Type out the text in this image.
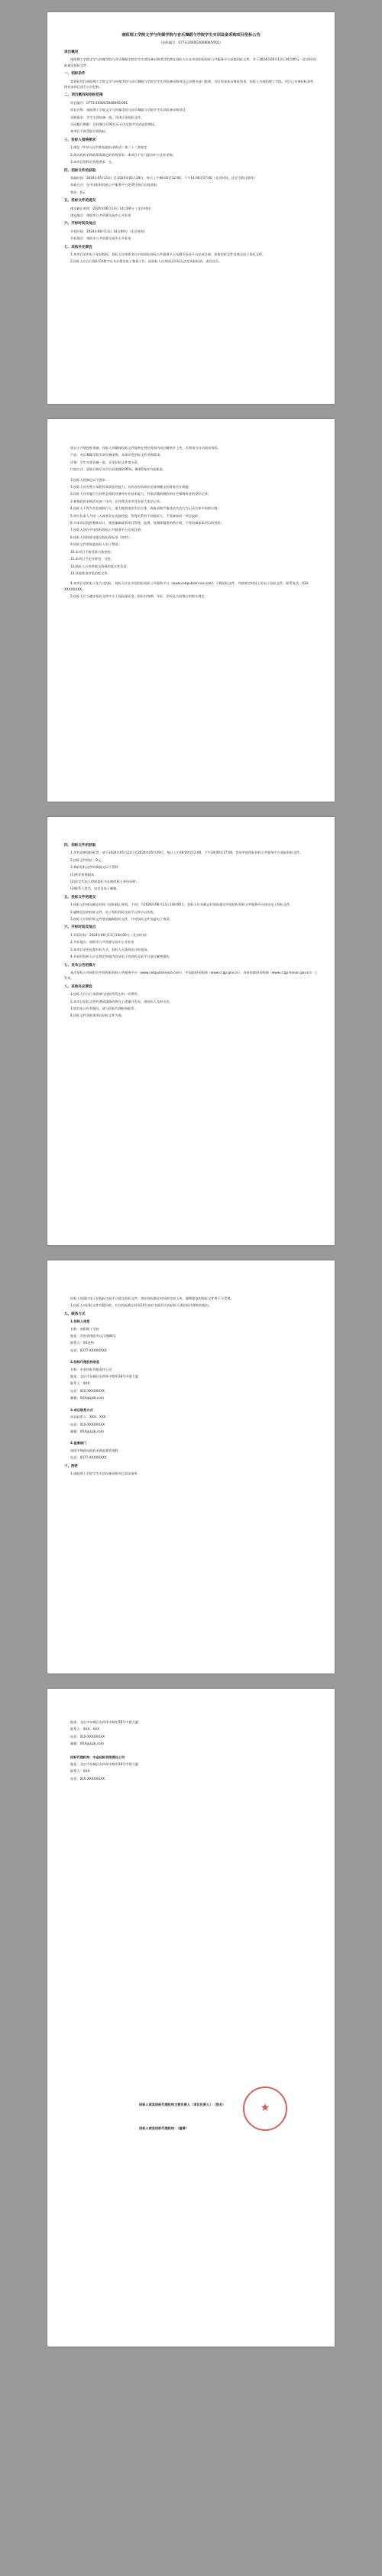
南阳理工学院文学与传媒学院与音乐舞蹈与学院学生实训设备采购项目招标公告

（招标编号：0773-2440G3008065/001）

项目概况

南阳理工学院文学与传媒学院与音乐舞蹈学院学生实训设备采购项目的潜在投标人应在中国招标投标公共服务平台获取招标文件，并于2024年06月13日14点00分（北京时间）前递交投标文件。

一、招标条件

本招标项目南阳理工学院文学与传媒学院与音乐舞蹈与学院学生实训设备采购项目已由相关部门批准，项目资金来自财政资金，招标人为南阳理工学院。项目已具备招标条件，现对该项目进行公开招标。

二、项目概况和招标范围

项目编号：0773-2440G3008065/001

项目名称：南阳理工学院文学与传媒学院与音乐舞蹈与学院学生实训设备采购项目

采购需求：学生实训设备一批，具体详见招标文件。

合同履行期限：合同签订后90日历天内交货并完成安装调试。

本项目不接受联合体投标。

三、投标人资格要求

1.满足《中华人民共和国政府采购法》第二十二条规定；

2.落实政府采购政策需满足的资格要求：本项目不专门面向中小企业采购；

3.本项目的特定资格要求：无。

四、招标文件的获取

获取时间：2024年05月22日 至 2024年05月29日，每天上午08:00至12:00，下午14:00至17:00（北京时间，法定节假日除外）

获取方式：在中国招标投标公共服务平台免费注册后在线获取。

售价：0元

五、投标文件的递交

递交截止时间：2024年06月13日 14点00分（北京时间）

递交地点：南阳市公共资源交易中心开标室

六、开标时间及地点

开标时间：2024年06月13日 14点00分（北京时间）

开标地点：南阳市公共资源交易中心开标室

七、其他补充事宜

1.本项目采用电子化招投标，投标人应按要求在中国招标投标公共服务平台及相关交易平台完成注册、获取招标文件及递交电子投标文件。

2.投标人应自行做好CA数字证书办理及电子签章工作，因投标人自身原因导致无法完成投标的，责任自负。

请自主开展投标准备，投标人须确保投标文件能够在规定时间内成功解密并上传，否则视为自动放弃投标。

产品：音乐舞蹈学院实训设备采购，具体详见招标文件采购需求。

详情：学生实训设备一批，详见招标文件第五章。

付款方式：验收合格后支付合同金额的95%，剩余5%作为质保金。

3.投标人须满足以下要求：

1.投标人具有独立承担民事责任的能力，具有良好的商业信誉和健全的财务会计制度；

2.投标人具有履行合同所必需的设备和专业技术能力，有依法缴纳税收和社会保障资金的良好记录；

3.参加政府采购活动前三年内，在经营活动中没有重大违法记录；

4.投标人不得为失信被执行人、重大税收违法失信主体、政府采购严重违法失信行为记录名单中的供应商；

5.单位负责人为同一人或者存在直接控股、管理关系的不同投标人，不得参加同一项目投标；

6.为本项目提供整体设计、规范编制或者项目管理、监理、检测等服务的供应商，不得再参加本项目的投标；

7.投标人须在中国招标投标公共服务平台完成注册；

8.投标人须按要求提交投标保证金（如有）；

9.投标文件须加盖投标人电子签章；

10.本项目不接受联合体投标；

11.本项目不允许转包、分包；

12.投标人应对所提交资料的真实性负责；

13.其他要求详见招标文件。

4.本项目采用电子化方式投标，投标人应在中国招标投标公共服务平台（www.cebpubservice.com）下载招标文件，并按规定时间上传电子投标文件，联系电话：010-XXXXXXXX。

5.投标人应当遵守招标文件中关于投标保证金、投标有效期、开标、评标及合同签订的相关规定。

四、招标文件的获取

1.凡有意参加投标者，请于2024年05月22日至2024年05月29日，每日上午08:00至12:00，下午14:00至17:00，登录中国招标投标公共服务平台获取招标文件。

2.招标文件售价：0元。

3.获取招标文件时需提交以下资料：

(1)营业执照副本；

(2)法定代表人授权委托书及被授权人身份证明；

(3)联系人姓名、电话及电子邮箱。

五、投标文件的递交

1.投标文件递交截止时间（投标截止时间，下同）为2024年06月13日14时00分，投标人应在截止时间前通过中国招标投标公共服务平台递交电子投标文件。

2.逾期送达的投标文件，电子招标投标交易平台将予以拒收。

3.投标人应按招标文件要求编制投标文件，并对投标文件加盖电子签章。

六、开标时间及地点

1.开标时间：2024年06月13日14时00分（北京时间）

2.开标地点：南阳市公共资源交易中心开标室

3.本项目采用远程开标方式，投标人无需到达开标现场。

4.开标时投标人应在规定时间内登录电子招投标交易平台进行解密操作。

七、发布公告的媒介

本次招标公告同时在中国招标投标公共服务平台（www.cebpubservice.com）、中国政府采购网（www.ccgp.gov.cn）、河南省政府采购网（www.ccgp-henan.gov.cn）上发布。

八、其他补充事宜

1.投标人应自行承担参与投标所发生的一切费用。

2.本项目招标文件的澄清或修改将在上述媒介发布，请投标人及时关注。

3.如对本公告有疑问，请与招标代理机构联系。

4.招标文件其他事项以招标文件为准。

投标人须通过电子招投标交易平台提交投标文件，请在投标截止时间前完成上传，逾期提交的投标文件将不予受理。

1.投标人对招标文件有疑问的，应在投标截止时间10日前以书面形式向招标人或招标代理机构提出。

九、联系方式

1.招标人信息

名称：南阳理工学院

地址：河南省南阳市长江路80号

联系人：XX老师

电话：0377-XXXXXXXX

2.招标代理机构信息

名称：中金招标有限责任公司

地址：北京市东城区东四环中路甲28号中建大厦

联系人：XXX

电话：010-XXXXXXXX

邮箱：XXX@zjzb.com

3.项目联系方式

项目联系人：XXX、XXX

电话：010-XXXXXXXX

邮箱：XXX@zjzb.com

4.监督部门

南阳市财政局政府采购监督管理科

电话：0377-XXXXXXXX

十、附件

1.南阳理工学院学生实训设备采购项目需求清单

地址：北京市东城区东四环中路甲28号中建大厦

联系人：XXX、XXX

电话：010-XXXXXXXX

邮箱：XXX@zjzb.com

招标代理机构：中金招标有限责任公司

地址：北京市东城区东四环中路甲28号中建大厦

联系人：XXX

电话：010-XXXXXXXX

招标人或其招标代理机构主要负责人（项目负责人）：（签名）

招标人或其招标代理机构：（盖章）

★
